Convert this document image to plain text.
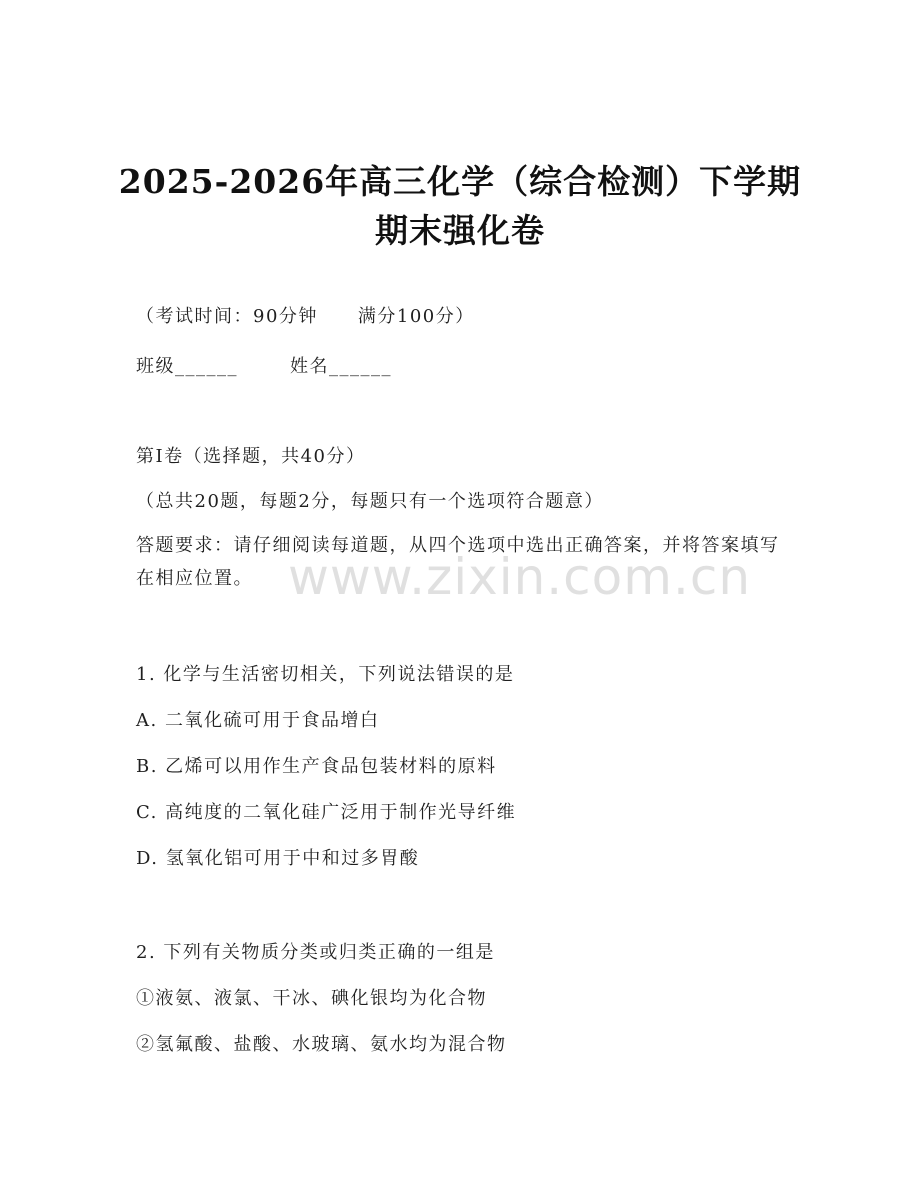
2025-2026年高三化学（综合检测）下学期
期末强化卷
（考试时间：90分钟 满分100分）
班级______	姓名______
第I卷（选择题，共40分）
（总共20题，每题2分，每题只有一个选项符合题意）
答题要求：请仔细阅读每道题，从四个选项中选出正确答案，并将答案填写在相应位置。 www.zixin.com.cn
1. 化学与生活密切相关，下列说法错误的是
A. 二氧化硫可用于食品增白
B. 乙烯可以用作生产食品包装材料的原料
C. 高纯度的二氧化硅广泛用于制作光导纤维
D. 氢氧化铝可用于中和过多胃酸
2. 下列有关物质分类或归类正确的一组是
①液氨、液氯、干冰、碘化银均为化合物
②氢氟酸、盐酸、水玻璃、氨水均为混合物
